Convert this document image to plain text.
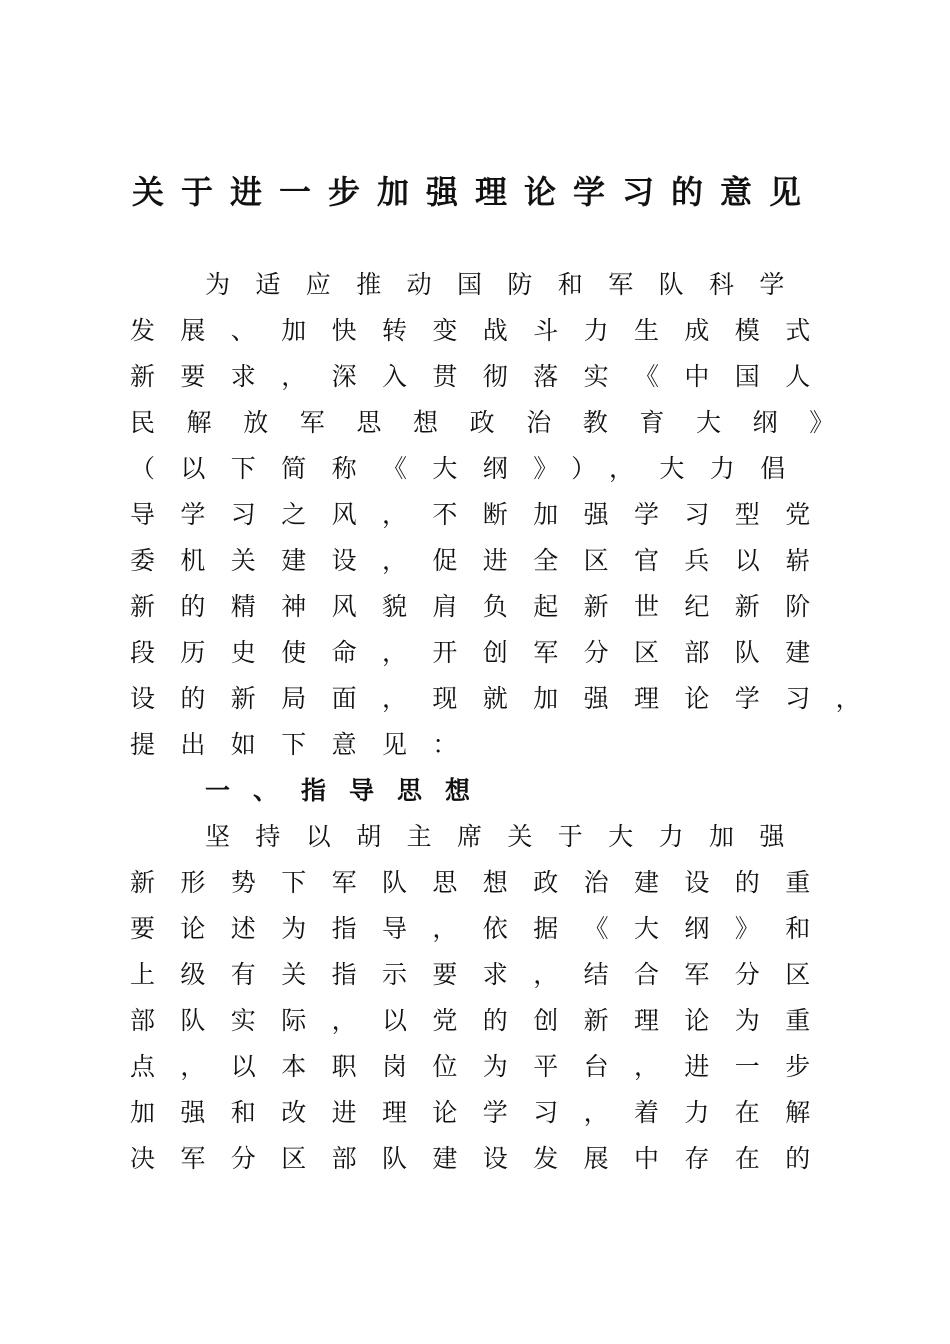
关于进一步加强理论学习的意见
为适应推动国防和军队科学
发展、加快转变战斗力生成模式
新要求，深入贯彻落实《中国人
民解放军思想政治教育大纲》
（以下简称《大纲》），大力倡
导学习之风，不断加强学习型党
委机关建设，促进全区官兵以崭
新的精神风貌肩负起新世纪新阶
段历史使命，开创军分区部队建
设的新局面，现就加强理论学习，
提出如下意见：
一、指导思想
坚持以胡主席关于大力加强
新形势下军队思想政治建设的重
要论述为指导，依据《大纲》和
上级有关指示要求，结合军分区
部队实际，以党的创新理论为重
点，以本职岗位为平台，进一步
加强和改进理论学习，着力在解
决军分区部队建设发展中存在的
